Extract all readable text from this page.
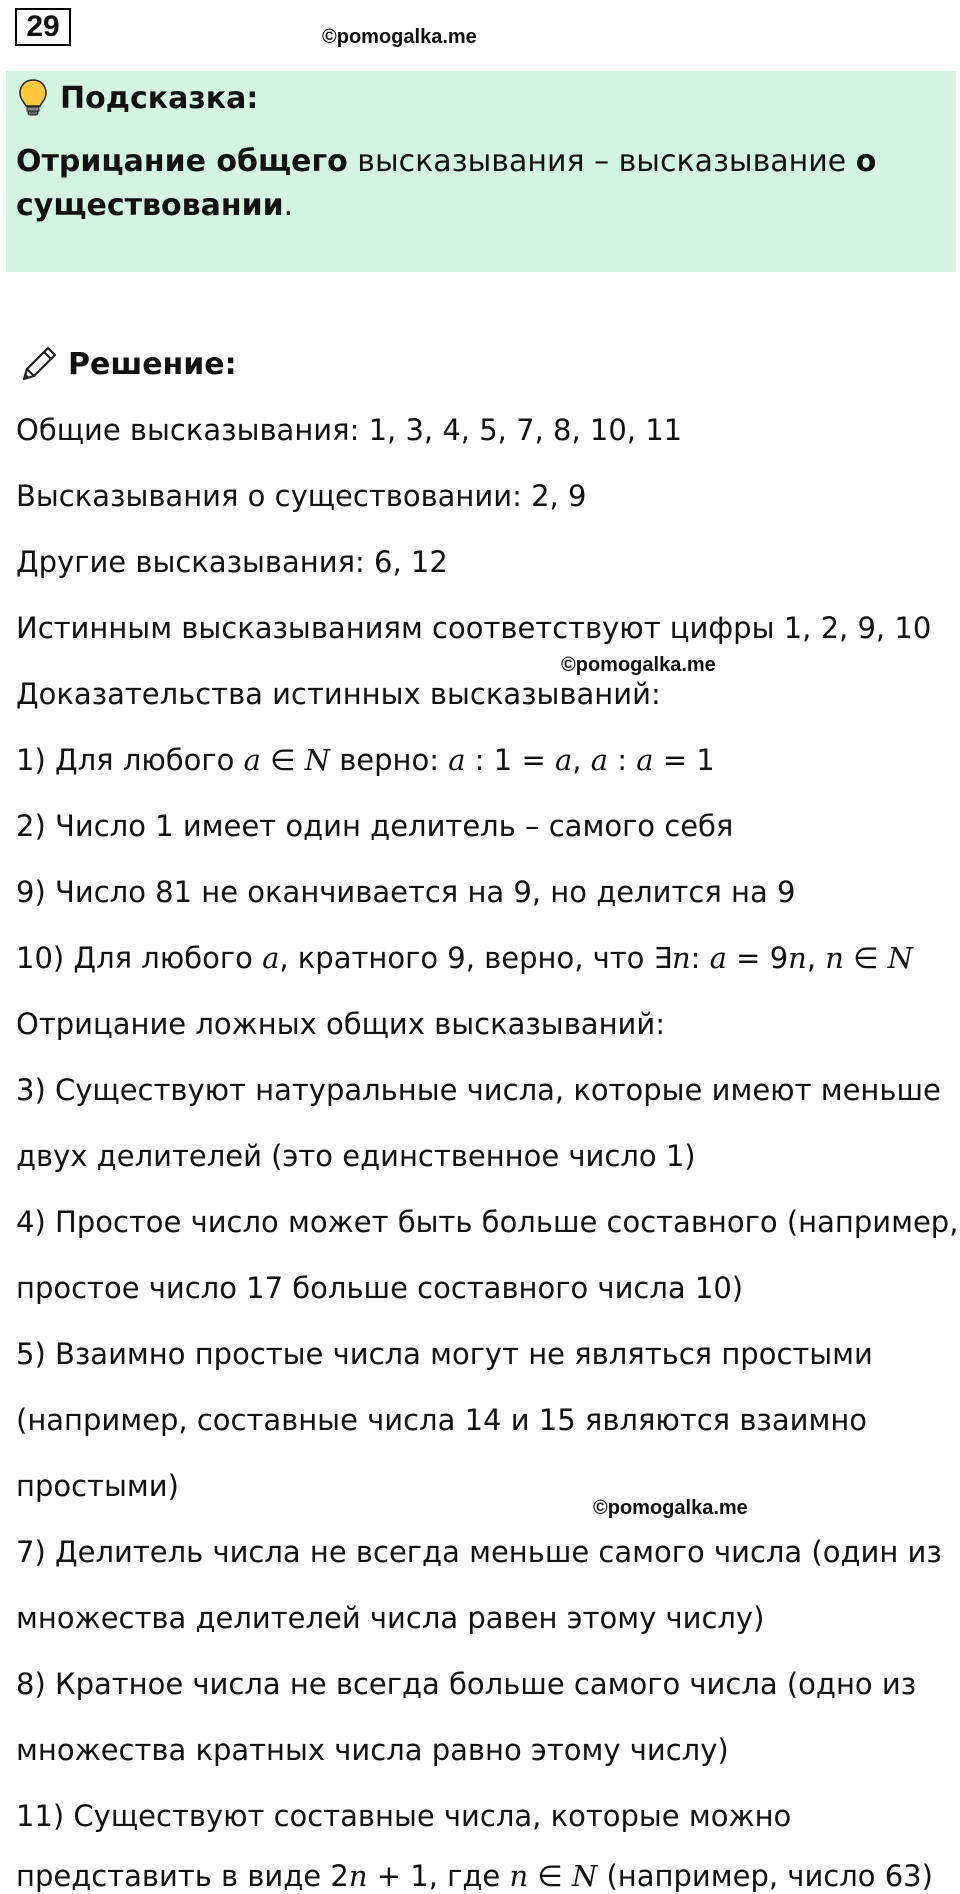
29	©pomogalka.me
Подсказка:
Отрицание общего высказывания – высказывание о существовании.
Решение:
Общие высказывания: 1, 3, 4, 5, 7, 8, 10, 11
Высказывания о существовании: 2, 9
Другие высказывания: 6, 12
Истинным высказываниям соответствуют цифры 1, 2, 9, 10
Доказательства истинных высказываний:
1) Для любого 𝑎 ∈ 𝑁 верно: 𝑎 : 1 = 𝑎, 𝑎 : 𝑎 = 1
2) Число 1 имеет один делитель – самого себя
9) Число 81 не оканчивается на 9, но делится на 9
10) Для любого 𝑎, кратного 9, верно, что ∃𝑛: 𝑎 = 9𝑛, 𝑛 ∈ 𝑁
Отрицание ложных общих высказываний:
3) Существуют натуральные числа, которые имеют меньше
двух делителей (это единственное число 1)
4) Простое число может быть больше составного (например,
простое число 17 больше составного числа 10)
5) Взаимно простые числа могут не являться простыми
(например, составные числа 14 и 15 являются взаимно
простыми)
7) Делитель числа не всегда меньше самого числа (один из
множества делителей числа равен этому числу)
8) Кратное числа не всегда больше самого числа (одно из
множества кратных числа равно этому числу)
11) Существуют составные числа, которые можно
представить в виде 2𝑛 + 1, где 𝑛 ∈ 𝑁 (например, число 63)
©pomogalka.me
©pomogalka.me
